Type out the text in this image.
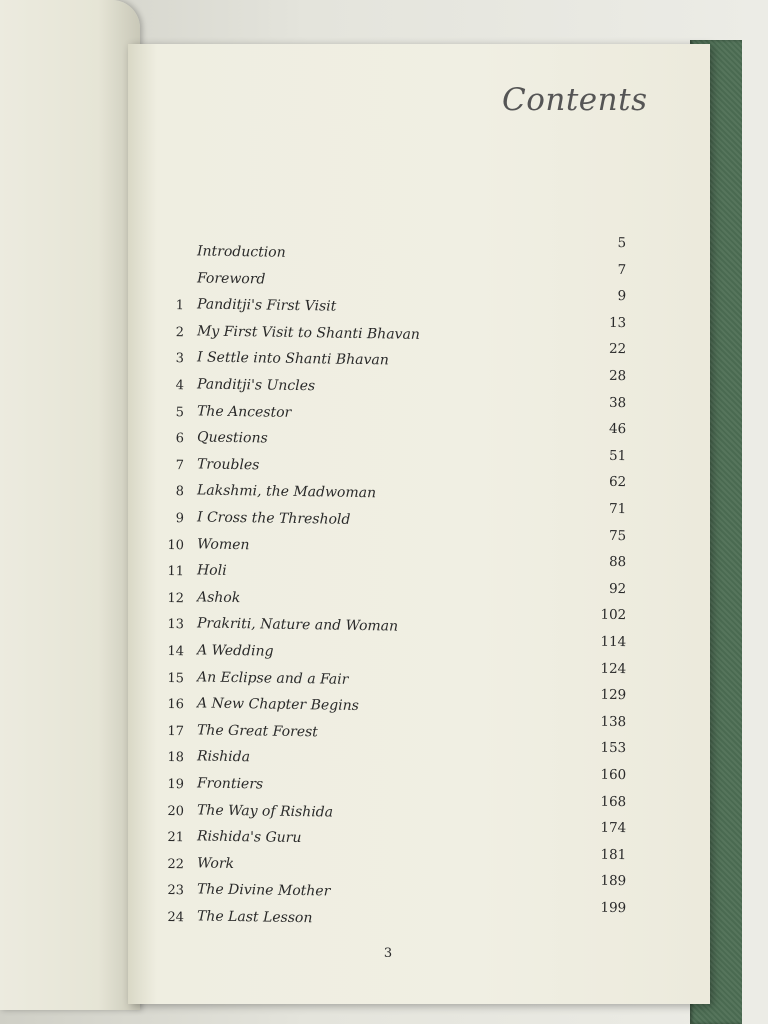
Contents
Introduction
5
Foreword
7
1 Panditji's First Visit
9
2 My First Visit to Shanti Bhavan
13
3 I Settle into Shanti Bhavan
22
4 Panditji's Uncles
28
5 The Ancestor
38
6 Questions
46
7 Troubles
51
8 Lakshmi, the Madwoman
62
9 I Cross the Threshold
71
10 Women
75
11 Holi
88
12 Ashok
92
13 Prakriti, Nature and Woman
102
14 A Wedding
114
15 An Eclipse and a Fair
124
16 A New Chapter Begins
129
17 The Great Forest
138
18 Rishida
153
19 Frontiers
160
20 The Way of Rishida
168
21 Rishida's Guru
174
22 Work
181
23 The Divine Mother
189
24 The Last Lesson
199
3
